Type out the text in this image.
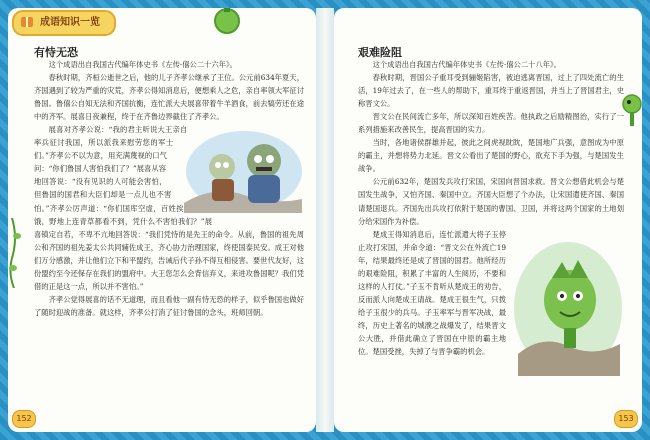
成语知识一览
有恃无恐

这个成语出自我国古代编年体史书《左传·僖公二十六年》。

春秋时期，齐桓公逝世之后，他的儿子齐孝公继承了王位。公元前634年夏天，齐国遇到了较为严重的灾荒，齐孝公得知消息后，便想乘人之危，亲自率领大军征讨鲁国。鲁僖公自知无法和齐国抗衡，连忙派大夫展喜带着牛羊酒食，前去犒劳还在途中的齐军。展喜日夜兼程，终于在齐鲁边界截住了齐孝公。

展喜对齐孝公说：“我的君主听说大王亲自率兵征讨我国，所以派我来慰劳您的军士们。”齐孝公不以为意，用充满蔑视的口气问：“你们鲁国人害怕我们了？”展喜从容地回答说：“没有见识的人可能会害怕，但鲁国的国君和大臣们却是一点儿也不害怕。”齐孝公厉声道：“你们国库空虚，百姓挨饿，野地上连青草都看不到，凭什么不害怕我们？”展喜镇定自若，不卑不亢地回答说：“我们凭恃的是先王的命令。从前，鲁国的祖先周公和齐国的祖先姜太公共同辅佐成王，齐心协力治理国家，终使国泰民安。成王对他们万分感激，并让他们立下和平盟约，告诫后代子孙不得互相侵害。要世代友好，这份盟约至今还保存在我们的盟府中。大王您怎么会背信弃义，来进攻鲁国呢？我们凭借的正是这一点，所以并不害怕。”

齐孝公觉得展喜的话不无道理，而且看他一副有恃无恐的样子，似乎鲁国也做好了随时迎战的准备。就这样，齐孝公打消了征讨鲁国的念头，班师回朝。

152
艰难险阻

这个成语出自我国古代编年体史书《左传·僖公二十八年》。

春秋时期，晋国公子重耳受到骊姬陷害，被迫逃离晋国，过上了四处流亡的生活，19年过去了，在一些人的帮助下，重耳终于重返晋国，并当上了晋国君主，史称晋文公。

晋文公在民间流亡多年，所以深知百姓疾苦。他执政之后励精图治，实行了一系列措施来改善民生，提高晋国的实力。

当时，各地诸侯群雄并起，彼此之间虎视眈眈，楚国地广兵强，意图成为中原的霸主，并想将势力北延。晋文公看出了楚国的野心，欲充下手为强，与楚国发生战争。

公元前632年，楚国发兵攻打宋国，宋国向晋国求救。晋文公想借此机会与楚国发生战争，又怕齐国、秦国中立。齐国大臣想了个办法，让宋国遣使齐国、秦国请楚国退兵。齐国先出兵攻打依附于楚国的曹国、卫国，并将这两个国家的土地划分给宋国作为补偿。

楚成王得知消息后，连忙派遣大将子玉停止攻打宋国，并命令道：“晋文公在外流亡19年，结果最终还是成了晋国的国君。他所经历的艰难险阻，积累了丰富的人生阅历，不要和这样的人打仗。”子玉不肯听从楚成王的劝告，反而派人向楚成王请战。楚成王很生气，只拨给子玉很少的兵马。子玉率军与晋军决战，最终，历史上著名的城濮之战爆发了，结果晋文公大胜，并借此确立了晋国在中原的霸主地位。楚国受挫，失掉了与晋争霸的机会。

153
